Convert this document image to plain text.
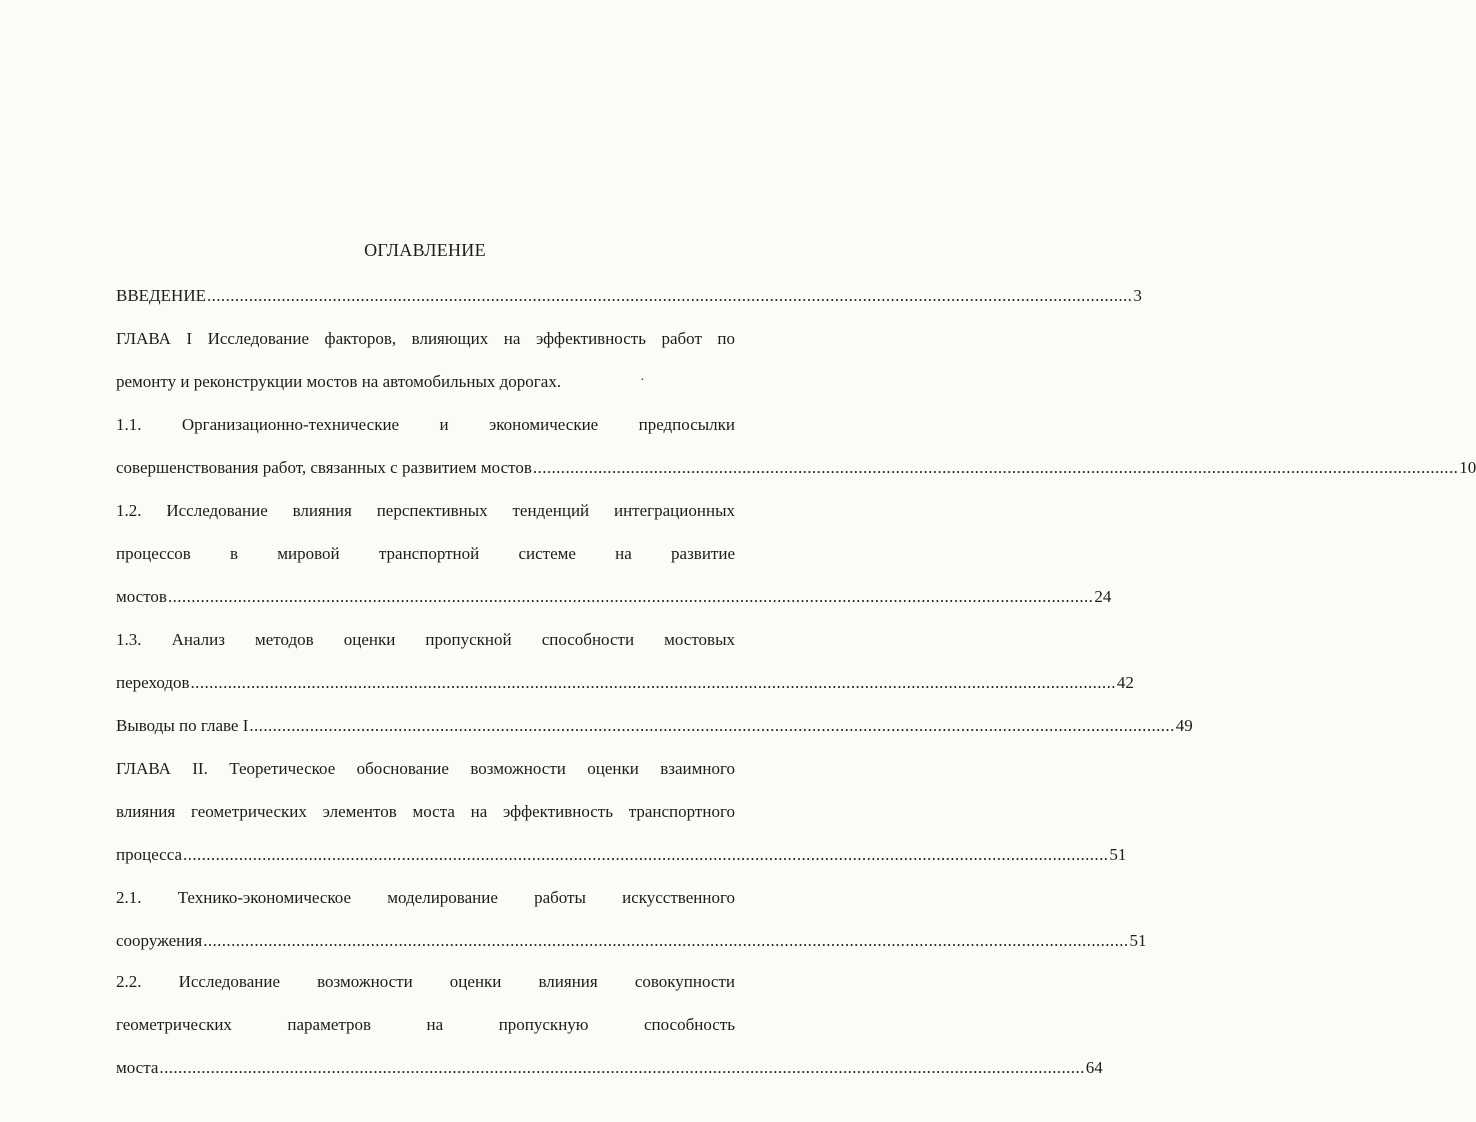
ОГЛАВЛЕНИЕ
ВВЕДЕНИЕ ....................................................................................................................................................................................................... 3
ГЛАВА I Исследование факторов, влияющих на эффективность работ по
ремонту и реконструкции мостов на автомобильных дорогах.	·
1.1. Организационно-технические и экономические предпосылки
совершенствования работ, связанных с развитием мостов ....................................................................................................................................................................................................... 10
1.2. Исследование влияния перспективных тенденций интеграционных
процессов в мировой транспортной системе на развитие
мостов ....................................................................................................................................................................................................... 24
1.3. Анализ методов оценки пропускной способности мостовых
переходов ....................................................................................................................................................................................................... 42
Выводы по главе I ....................................................................................................................................................................................................... 49
ГЛАВА II. Теоретическое обоснование возможности оценки взаимного
влияния геометрических элементов моста на эффективность транспортного
процесса ....................................................................................................................................................................................................... 51
2.1. Технико-экономическое моделирование работы искусственного
сооружения ....................................................................................................................................................................................................... 51
2.2. Исследование возможности оценки влияния совокупности
геометрических параметров на пропускную способность
моста ....................................................................................................................................................................................................... 64
